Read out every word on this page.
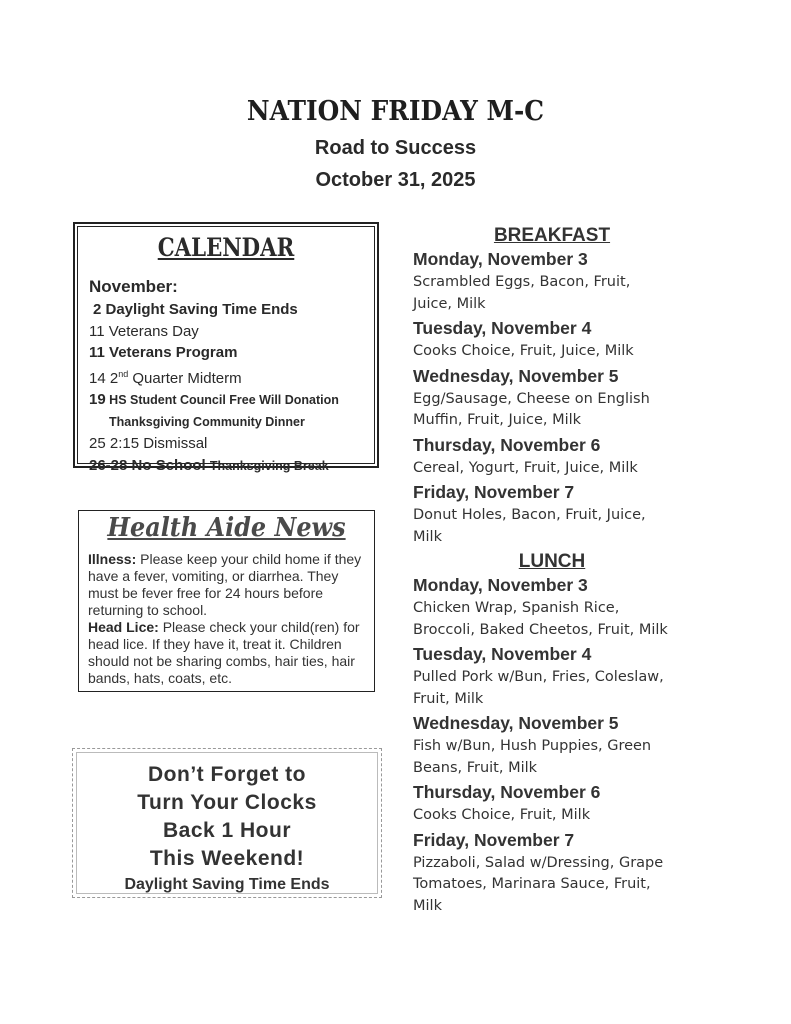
NATION FRIDAY M-C
Road to Success
October 31, 2025
CALENDAR
November:
2 Daylight Saving Time Ends
11 Veterans Day
11 Veterans Program
14 2nd Quarter Midterm
19 HS Student Council Free Will Donation
Thanksgiving Community Dinner
25 2:15 Dismissal
26-28 No School-Thanksgiving Break
Health Aide News
Illness: Please keep your child home if they have a fever, vomiting, or diarrhea. They must be fever free for 24 hours before returning to school.
Head Lice: Please check your child(ren) for head lice. If they have it, treat it. Children should not be sharing combs, hair ties, hair bands, hats, coats, etc.
Don’t Forget to
Turn Your Clocks
Back 1 Hour
This Weekend!
Daylight Saving Time Ends
BREAKFAST
Monday, November 3
Scrambled Eggs, Bacon, Fruit,
Juice, Milk
Tuesday, November 4
Cooks Choice, Fruit, Juice, Milk
Wednesday, November 5
Egg/Sausage, Cheese on English
Muffin, Fruit, Juice, Milk
Thursday, November 6
Cereal, Yogurt, Fruit, Juice, Milk
Friday, November 7
Donut Holes, Bacon, Fruit, Juice,
Milk
LUNCH
Monday, November 3
Chicken Wrap, Spanish Rice,
Broccoli, Baked Cheetos, Fruit, Milk
Tuesday, November 4
Pulled Pork w/Bun, Fries, Coleslaw,
Fruit, Milk
Wednesday, November 5
Fish w/Bun, Hush Puppies, Green
Beans, Fruit, Milk
Thursday, November 6
Cooks Choice, Fruit, Milk
Friday, November 7
Pizzaboli, Salad w/Dressing, Grape
Tomatoes, Marinara Sauce, Fruit,
Milk
